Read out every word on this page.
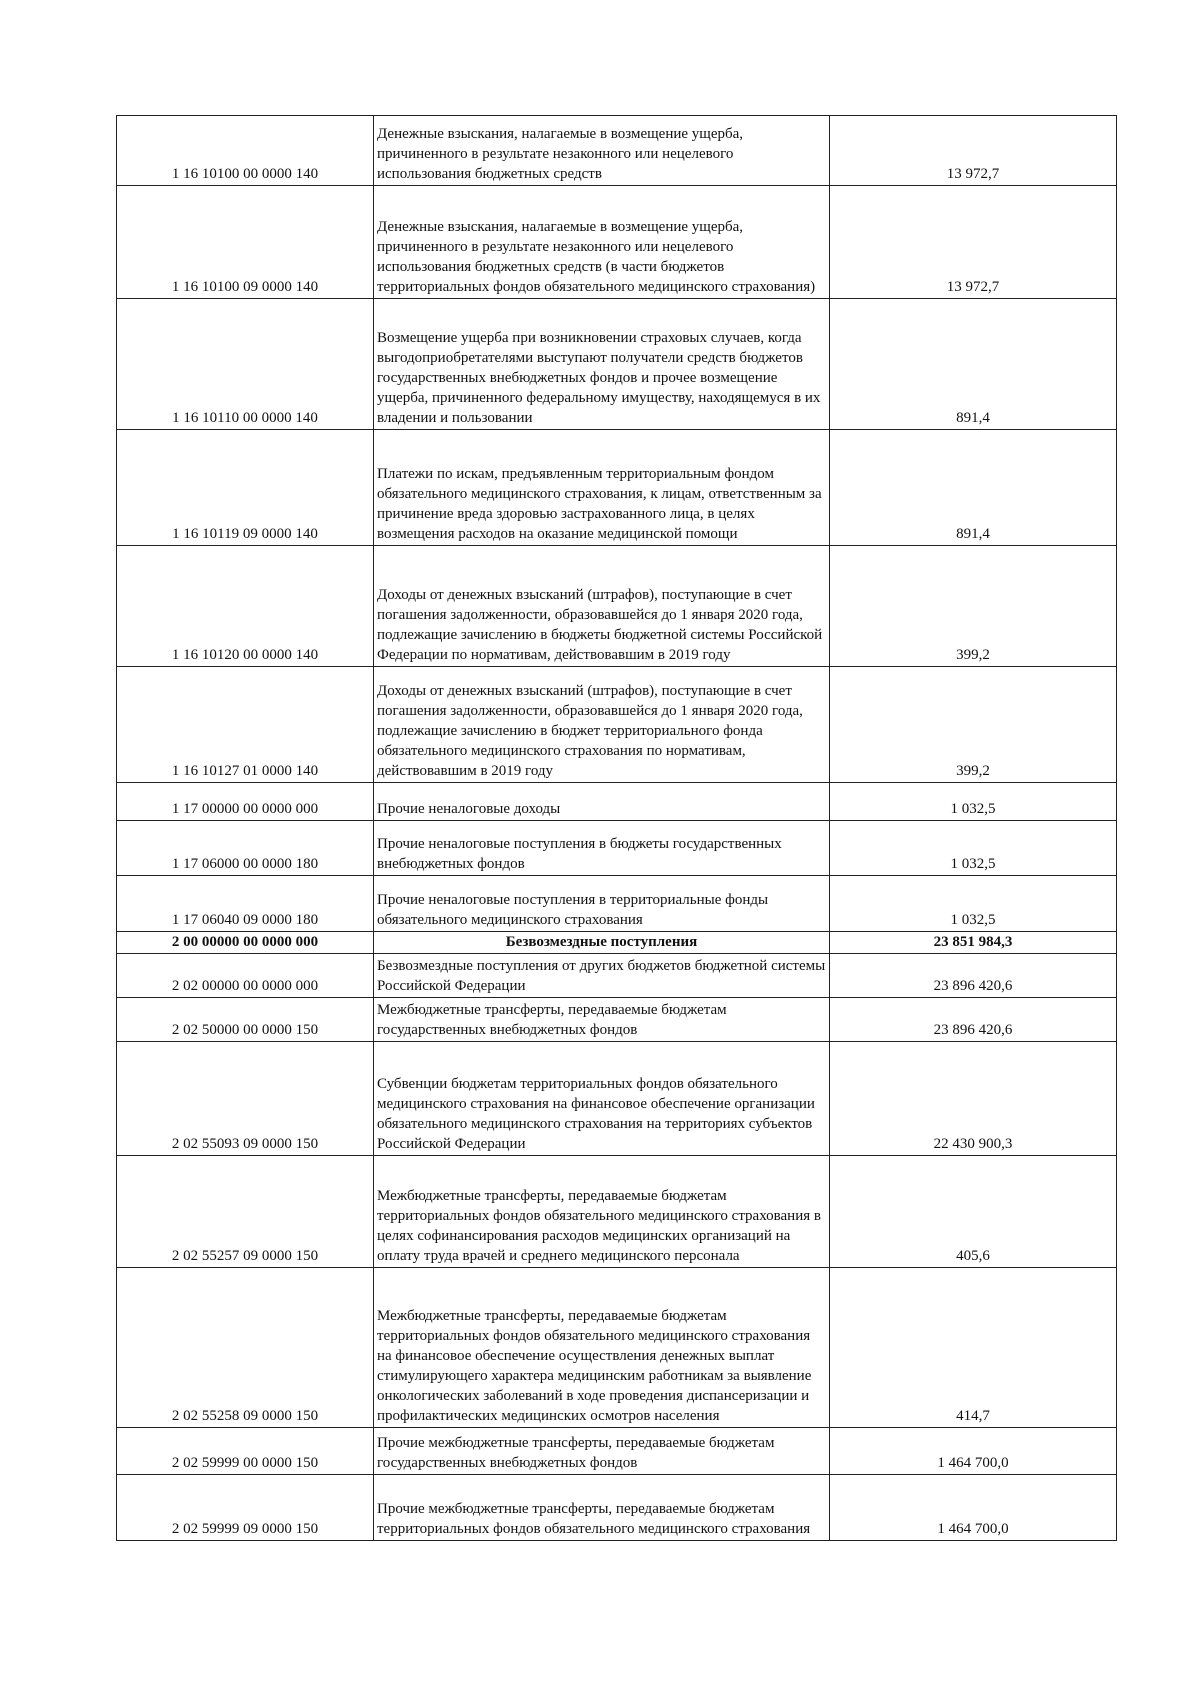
1 16 10100 00 0000 140	Денежные взыскания, налагаемые в возмещение ущерба, причиненного в результате незаконного или нецелевого использования бюджетных средств	13 972,7
1 16 10100 09 0000 140	Денежные взыскания, налагаемые в возмещение ущерба, причиненного в результате незаконного или нецелевого использования бюджетных средств (в части бюджетов территориальных фондов обязательного медицинского страхования)	13 972,7
1 16 10110 00 0000 140	Возмещение ущерба при возникновении страховых случаев, когда выгодоприобретателями выступают получатели средств бюджетов государственных внебюджетных фондов и прочее возмещение ущерба, причиненного федеральному имуществу, находящемуся в их владении и пользовании	891,4
1 16 10119 09 0000 140	Платежи по искам, предъявленным территориальным фондом обязательного медицинского страхования, к лицам, ответственным за причинение вреда здоровью застрахованного лица, в целях возмещения расходов на оказание медицинской помощи	891,4
1 16 10120 00 0000 140	Доходы от денежных взысканий (штрафов), поступающие в счет погашения задолженности, образовавшейся до 1 января 2020 года, подлежащие зачислению в бюджеты бюджетной системы Российской Федерации по нормативам, действовавшим в 2019 году	399,2
1 16 10127 01 0000 140	Доходы от денежных взысканий (штрафов), поступающие в счет погашения задолженности, образовавшейся до 1 января 2020 года, подлежащие зачислению в бюджет территориального фонда обязательного медицинского страхования по нормативам, действовавшим в 2019 году	399,2
1 17 00000 00 0000 000	Прочие неналоговые доходы	1 032,5
1 17 06000 00 0000 180	Прочие неналоговые поступления в бюджеты государственных внебюджетных фондов	1 032,5
1 17 06040 09 0000 180	Прочие неналоговые поступления в территориальные фонды обязательного медицинского страхования	1 032,5
2 00 00000 00 0000 000	Безвозмездные поступления	23 851 984,3
2 02 00000 00 0000 000	Безвозмездные поступления от других бюджетов бюджетной системы Российской Федерации	23 896 420,6
2 02 50000 00 0000 150	Межбюджетные трансферты, передаваемые бюджетам государственных внебюджетных фондов	23 896 420,6
2 02 55093 09 0000 150	Субвенции бюджетам территориальных фондов обязательного медицинского страхования на финансовое обеспечение организации обязательного медицинского страхования на территориях субъектов Российской Федерации	22 430 900,3
2 02 55257 09 0000 150	Межбюджетные трансферты, передаваемые бюджетам территориальных фондов обязательного медицинского страхования в целях софинансирования расходов медицинских организаций на оплату труда врачей и среднего медицинского персонала	405,6
2 02 55258 09 0000 150	Межбюджетные трансферты, передаваемые бюджетам территориальных фондов обязательного медицинского страхования на финансовое обеспечение осуществления денежных выплат стимулирующего характера медицинским работникам за выявление онкологических заболеваний в ходе проведения диспансеризации и профилактических медицинских осмотров населения	414,7
2 02 59999 00 0000 150	Прочие межбюджетные трансферты, передаваемые бюджетам государственных внебюджетных фондов	1 464 700,0
2 02 59999 09 0000 150	Прочие межбюджетные трансферты, передаваемые бюджетам территориальных фондов обязательного медицинского страхования	1 464 700,0
